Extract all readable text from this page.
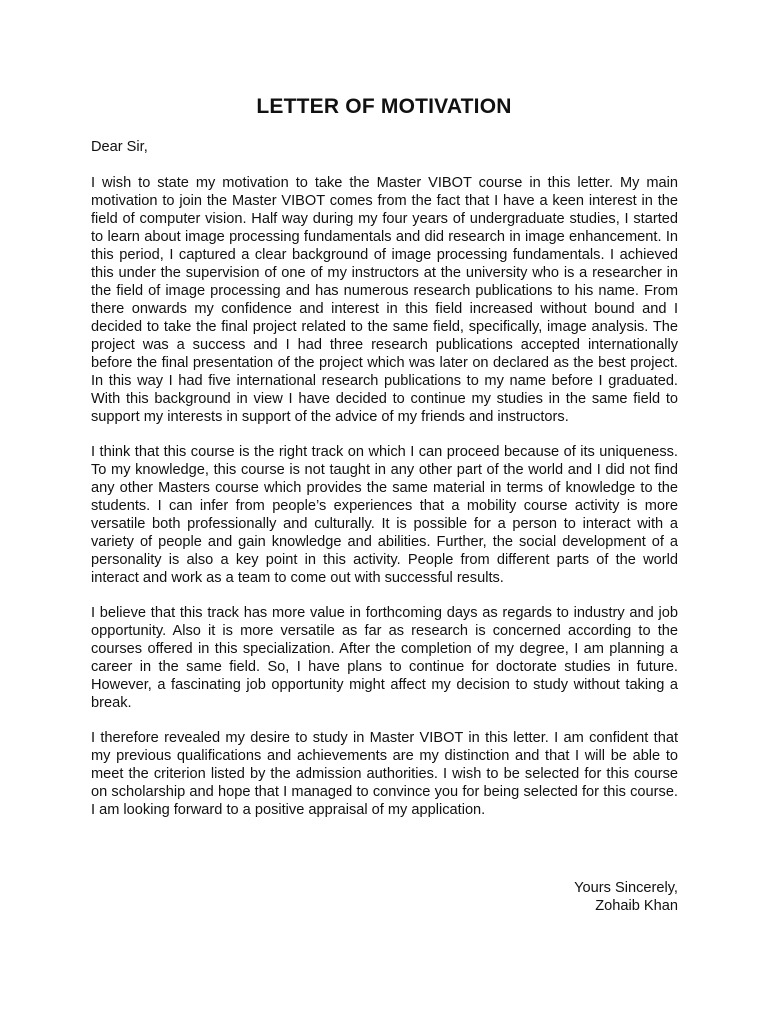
LETTER OF MOTIVATION

Dear Sir,

I wish to state my motivation to take the Master VIBOT course in this letter. My main motivation to join the Master VIBOT comes from the fact that I have a keen interest in the field of computer vision. Half way during my four years of undergraduate studies, I started to learn about image processing fundamentals and did research in image enhancement. In this period, I captured a clear background of image processing fundamentals. I achieved this under the supervision of one of my instructors at the university who is a researcher in the field of image processing and has numerous research publications to his name. From there onwards my confidence and interest in this field increased without bound and I decided to take the final project related to the same field, specifically, image analysis. The project was a success and I had three research publications accepted internationally before the final presentation of the project which was later on declared as the best project. In this way I had five international research publications to my name before I graduated. With this background in view I have decided to continue my studies in the same field to support my interests in support of the advice of my friends and instructors.

I think that this course is the right track on which I can proceed because of its uniqueness. To my knowledge, this course is not taught in any other part of the world and I did not find any other Masters course which provides the same material in terms of knowledge to the students. I can infer from people’s experiences that a mobility course activity is more versatile both professionally and culturally. It is possible for a person to interact with a variety of people and gain knowledge and abilities. Further, the social development of a personality is also a key point in this activity. People from different parts of the world interact and work as a team to come out with successful results.

I believe that this track has more value in forthcoming days as regards to industry and job opportunity. Also it is more versatile as far as research is concerned according to the courses offered in this specialization. After the completion of my degree, I am planning a career in the same field. So, I have plans to continue for doctorate studies in future. However, a fascinating job opportunity might affect my decision to study without taking a break.

I therefore revealed my desire to study in Master VIBOT in this letter. I am confident that my previous qualifications and achievements are my distinction and that I will be able to meet the criterion listed by the admission authorities. I wish to be selected for this course on scholarship and hope that I managed to convince you for being selected for this course. I am looking forward to a positive appraisal of my application.

Yours Sincerely,
Zohaib Khan
